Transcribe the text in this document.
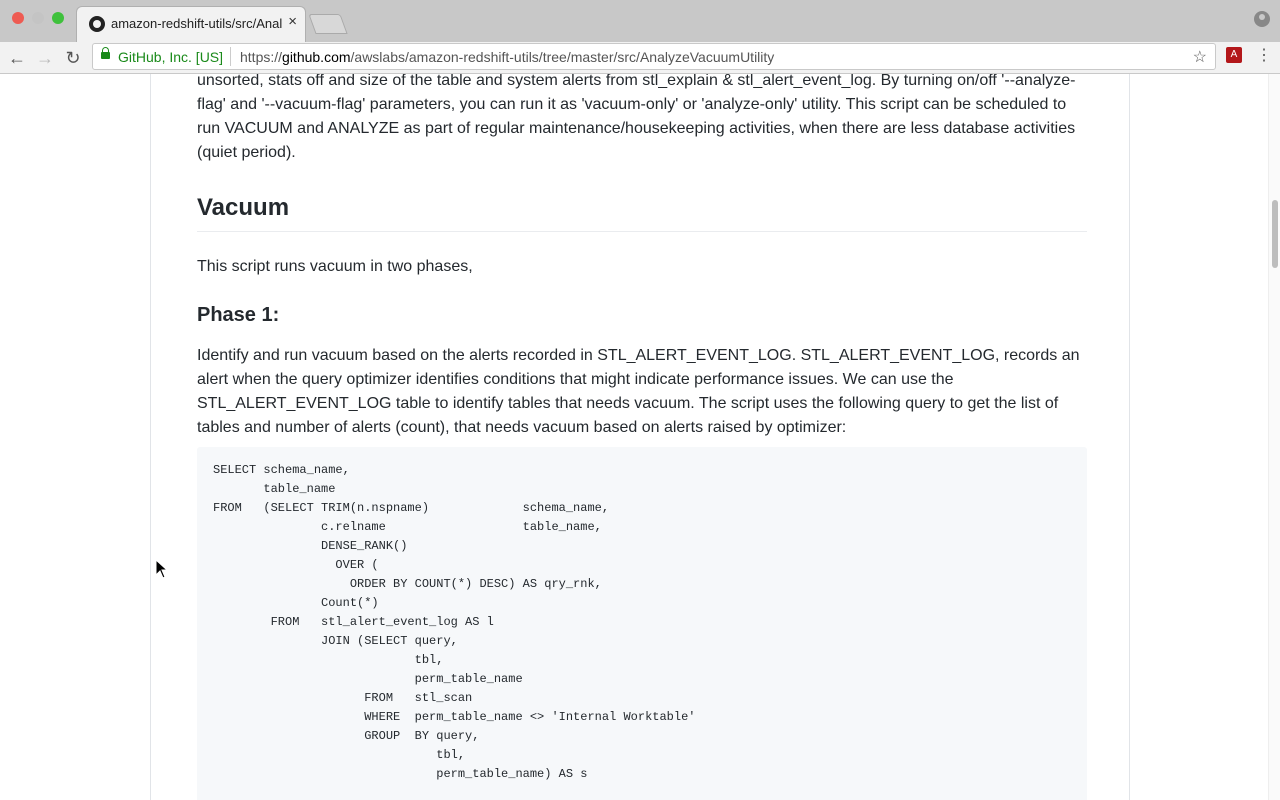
amazon-redshift-utils/src/Anal ×
← → ↻	GitHub, Inc. [US] https://github.com/awslabs/amazon-redshift-utils/tree/master/src/AnalyzeVacuumUtility	☆	A ⋮
unsorted, stats off and size of the table and system alerts from stl_explain & stl_alert_event_log. By turning on/off '--analyze-flag' and '--vacuum-flag' parameters, you can run it as 'vacuum-only' or 'analyze-only' utility. This script can be scheduled to run VACUUM and ANALYZE as part of regular maintenance/housekeeping activities, when there are less database activities (quiet period).
Vacuum
This script runs vacuum in two phases,
Phase 1:
Identify and run vacuum based on the alerts recorded in STL_ALERT_EVENT_LOG. STL_ALERT_EVENT_LOG, records an alert when the query optimizer identifies conditions that might indicate performance issues. We can use the STL_ALERT_EVENT_LOG table to identify tables that needs vacuum. The script uses the following query to get the list of tables and number of alerts (count), that needs vacuum based on alerts raised by optimizer:
SELECT schema_name,
table_name
FROM   (SELECT TRIM(n.nspname)             schema_name,
c.relname                   table_name,
DENSE_RANK()
OVER (
ORDER BY COUNT(*) DESC) AS qry_rnk,
Count(*)
FROM   stl_alert_event_log AS l
JOIN (SELECT query,
tbl,
perm_table_name
FROM   stl_scan
WHERE  perm_table_name <> 'Internal Worktable'
GROUP  BY query,
tbl,
perm_table_name) AS s
